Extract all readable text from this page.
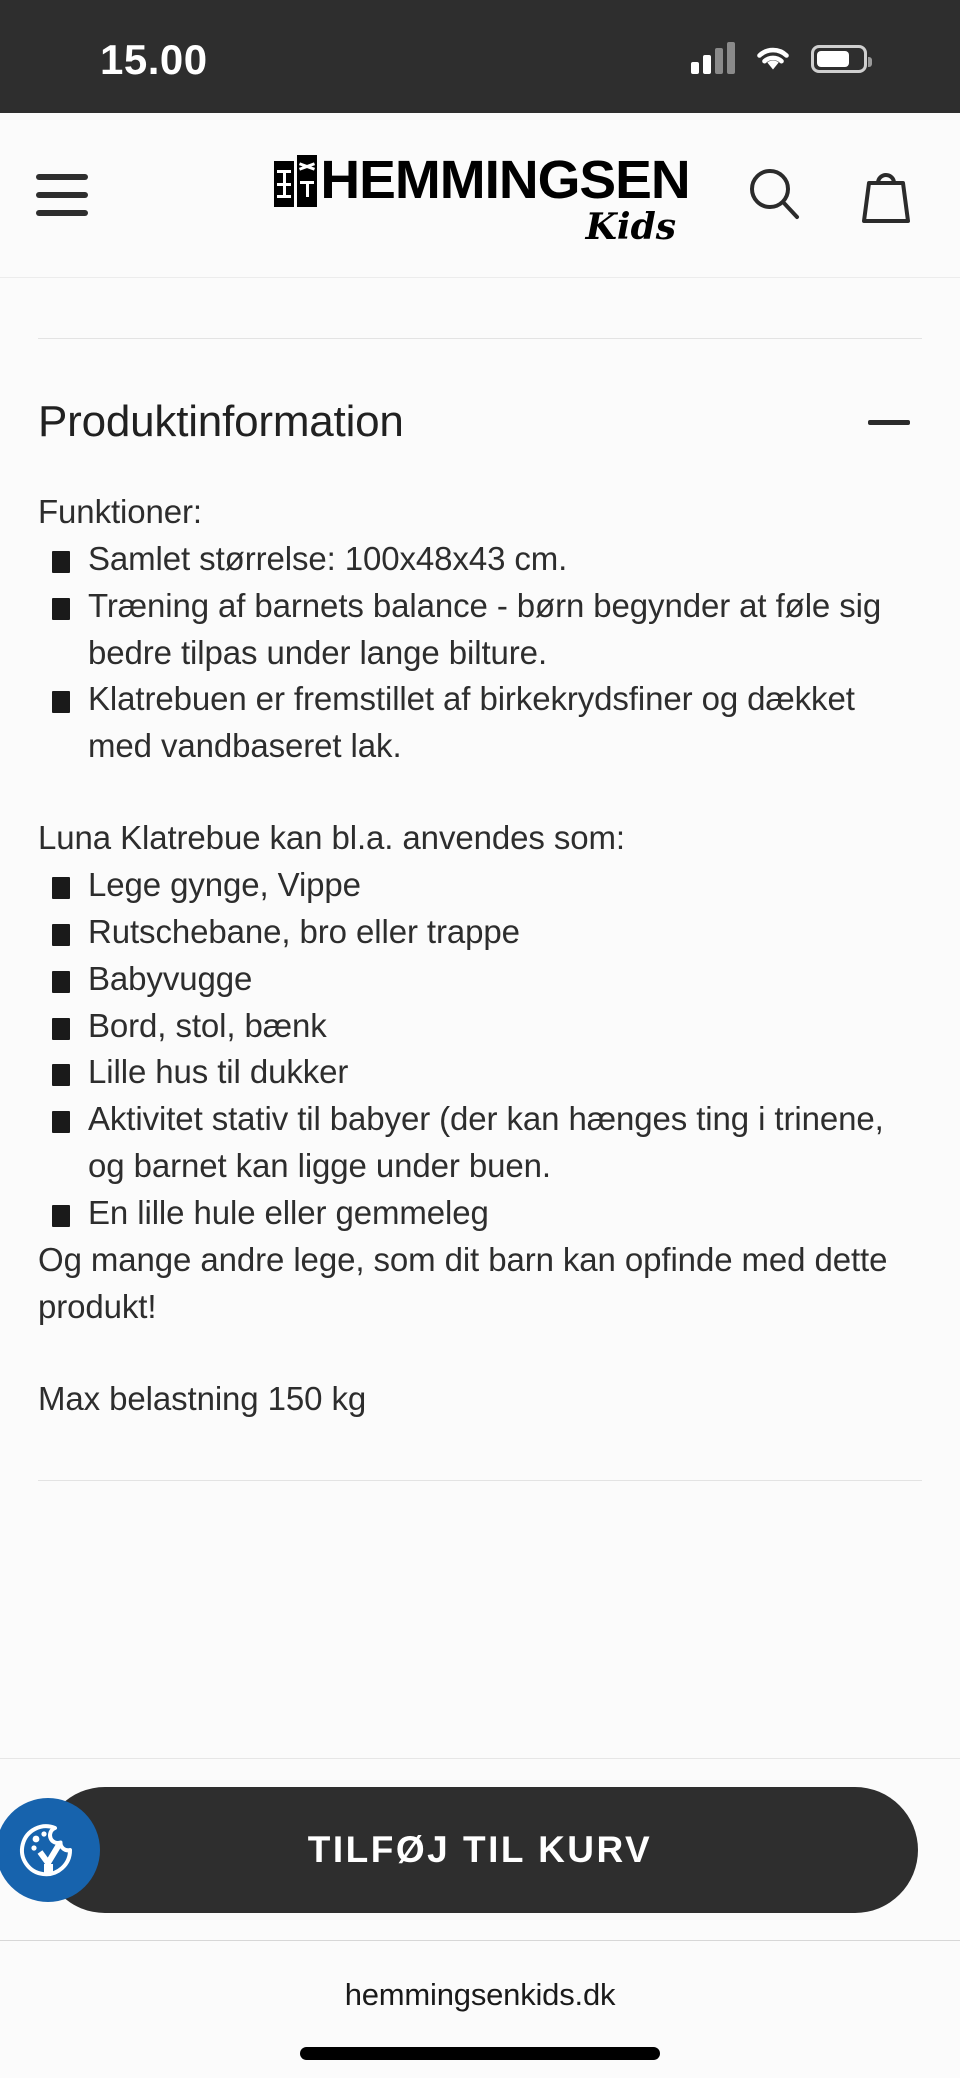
15.00
HEMMINGSEN
Kids
Produktinformation
Funktioner:
Samlet størrelse: 100x48x43 cm.
Træning af barnets balance - børn begynder at føle sig bedre tilpas under lange bilture.
Klatrebuen er fremstillet af birkekrydsfiner og dækket med vandbaseret lak.
Luna Klatrebue kan bl.a. anvendes som:
Lege gynge, Vippe
Rutschebane, bro eller trappe
Babyvugge
Bord, stol, bænk
Lille hus til dukker
Aktivitet stativ til babyer (der kan hænges ting i trinene, og barnet kan ligge under buen.
En lille hule eller gemmeleg
Og mange andre lege, som dit barn kan opfinde med dette produkt!
Max belastning 150 kg
TILFØJ TIL KURV
hemmingsenkids.dk
